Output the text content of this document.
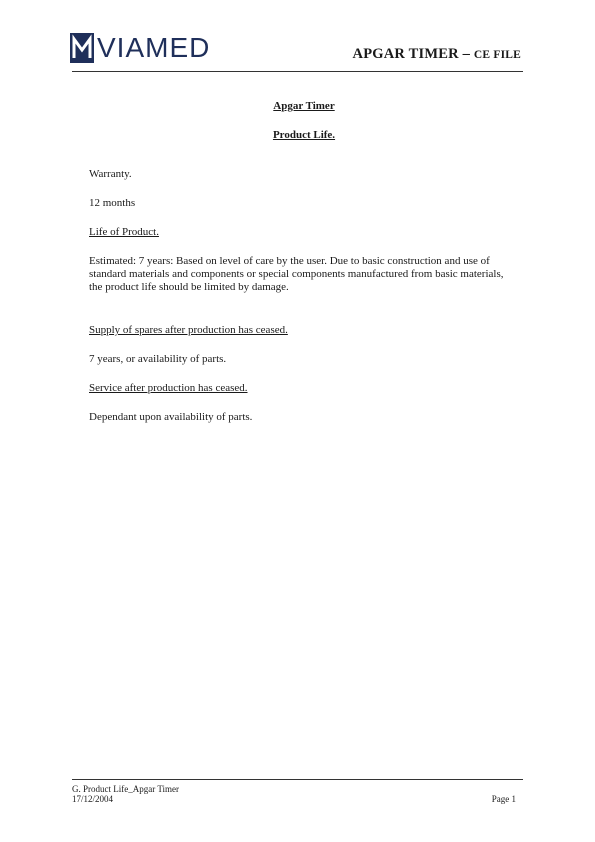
VIAMED	APGAR TIMER – CE FILE

Apgar Timer

Product Life.

Warranty.

12 months

Life of Product.

Estimated: 7 years: Based on level of care by the user. Due to basic construction and use of standard materials and components or special components manufactured from basic materials, the product life should be limited by damage.

Supply of spares after production has ceased.

7 years, or availability of parts.

Service after production has ceased.

Dependant upon availability of parts.

G. Product Life_Apgar Timer
17/12/2004	Page 1
